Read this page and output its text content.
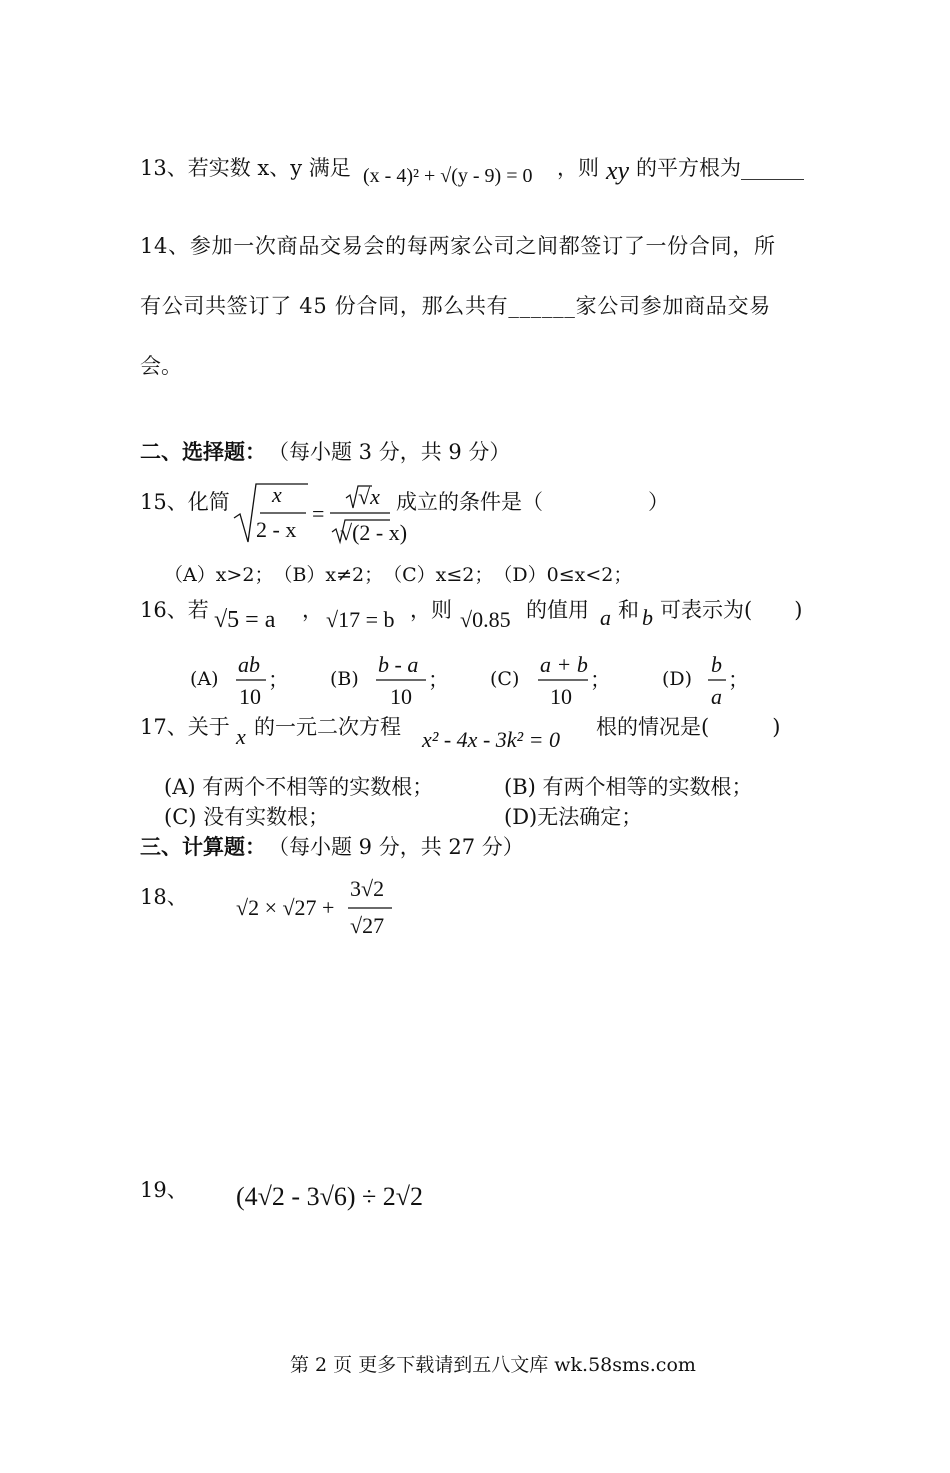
13、若实数 x、y 满足 (x - 4)² + √(y - 9) = 0 ，则 xy 的平方根为______
14、参加一次商品交易会的每两家公司之间都签订了一份合同，所
有公司共签订了 45 份合同，那么共有______家公司参加商品交易
会。
二、选择题： （每小题 3 分，共 9 分）
15、化简 x
2 - x
=
√x
√(2 - x)
成立的条件是（　　　　　）
（A）x>2；　（B）x≠2；　（C）x≤2；　（D）0≤x<2；
16、若 √5 = a ， √17 = b ，则 √0.85 的值用 a 和 b 可表示为(　　)
(A)
ab
10
； (B)
b - a
10
； (C)
a + b
10
；	(D)
b
a
；
17、关于 x 的一元二次方程 x² - 4x - 3k² = 0 根的情况是(　　　)
(A) 有两个不相等的实数根；	(B) 有两个相等的实数根；
(C) 没有实数根；	(D)无法确定；
三、计算题： （每小题 9 分，共 27 分）
18、 √2 × √27 +
3√2
√27
19、 (4√2 - 3√6) ÷ 2√2
第 2 页 更多下载请到五八文库 wk.58sms.com
